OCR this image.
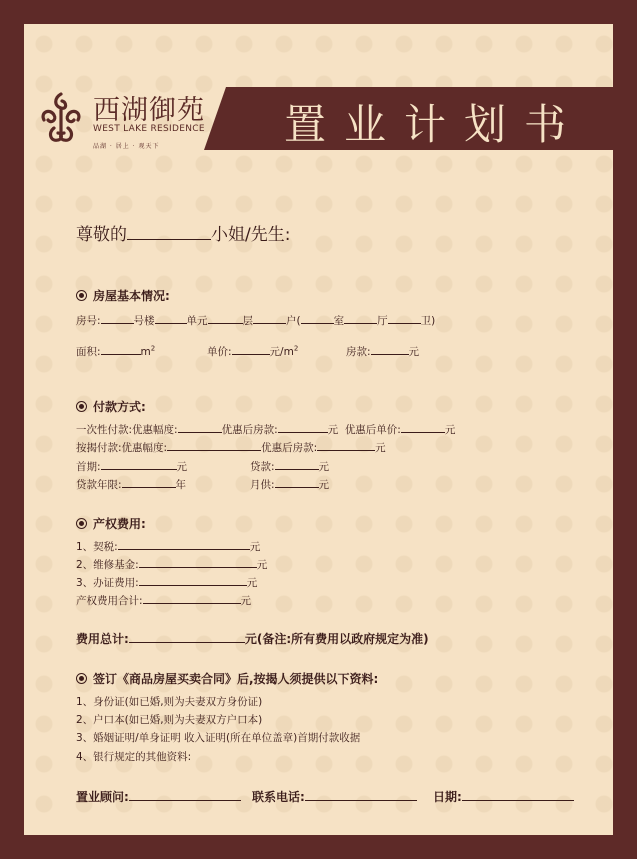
西湖御苑
WEST LAKE RESIDENCE
品湖 · 居上 · 观天下	置业计划书
尊敬的	小姐/先生:
房屋基本情况:
房号:	号楼	单元	层	户(	室	厅	卫)
面积:	$m^2$	单价:	元$/m^2$	房款:	元
付款方式:
一次性付款:优惠幅度:	优惠后房款:	元 优惠后单价:	元
按揭付款:优惠幅度:	优惠后房款:	元
首期:	元	贷款:	元
贷款年限:	年	月供:	元
产权费用:
1、契税:	元
2、维修基金:	元
3、办证费用:	元
产权费用合计:	元
费用总计:	元(备注:所有费用以政府规定为准)
签订《商品房屋买卖合同》后,按揭人须提供以下资料:
1、身份证(如已婚,则为夫妻双方身份证)
2、户口本(如已婚,则为夫妻双方户口本)
3、婚姻证明/单身证明 收入证明(所在单位盖章)首期付款收据
4、银行规定的其他资料:
置业顾问:	联系电话:	日期:
